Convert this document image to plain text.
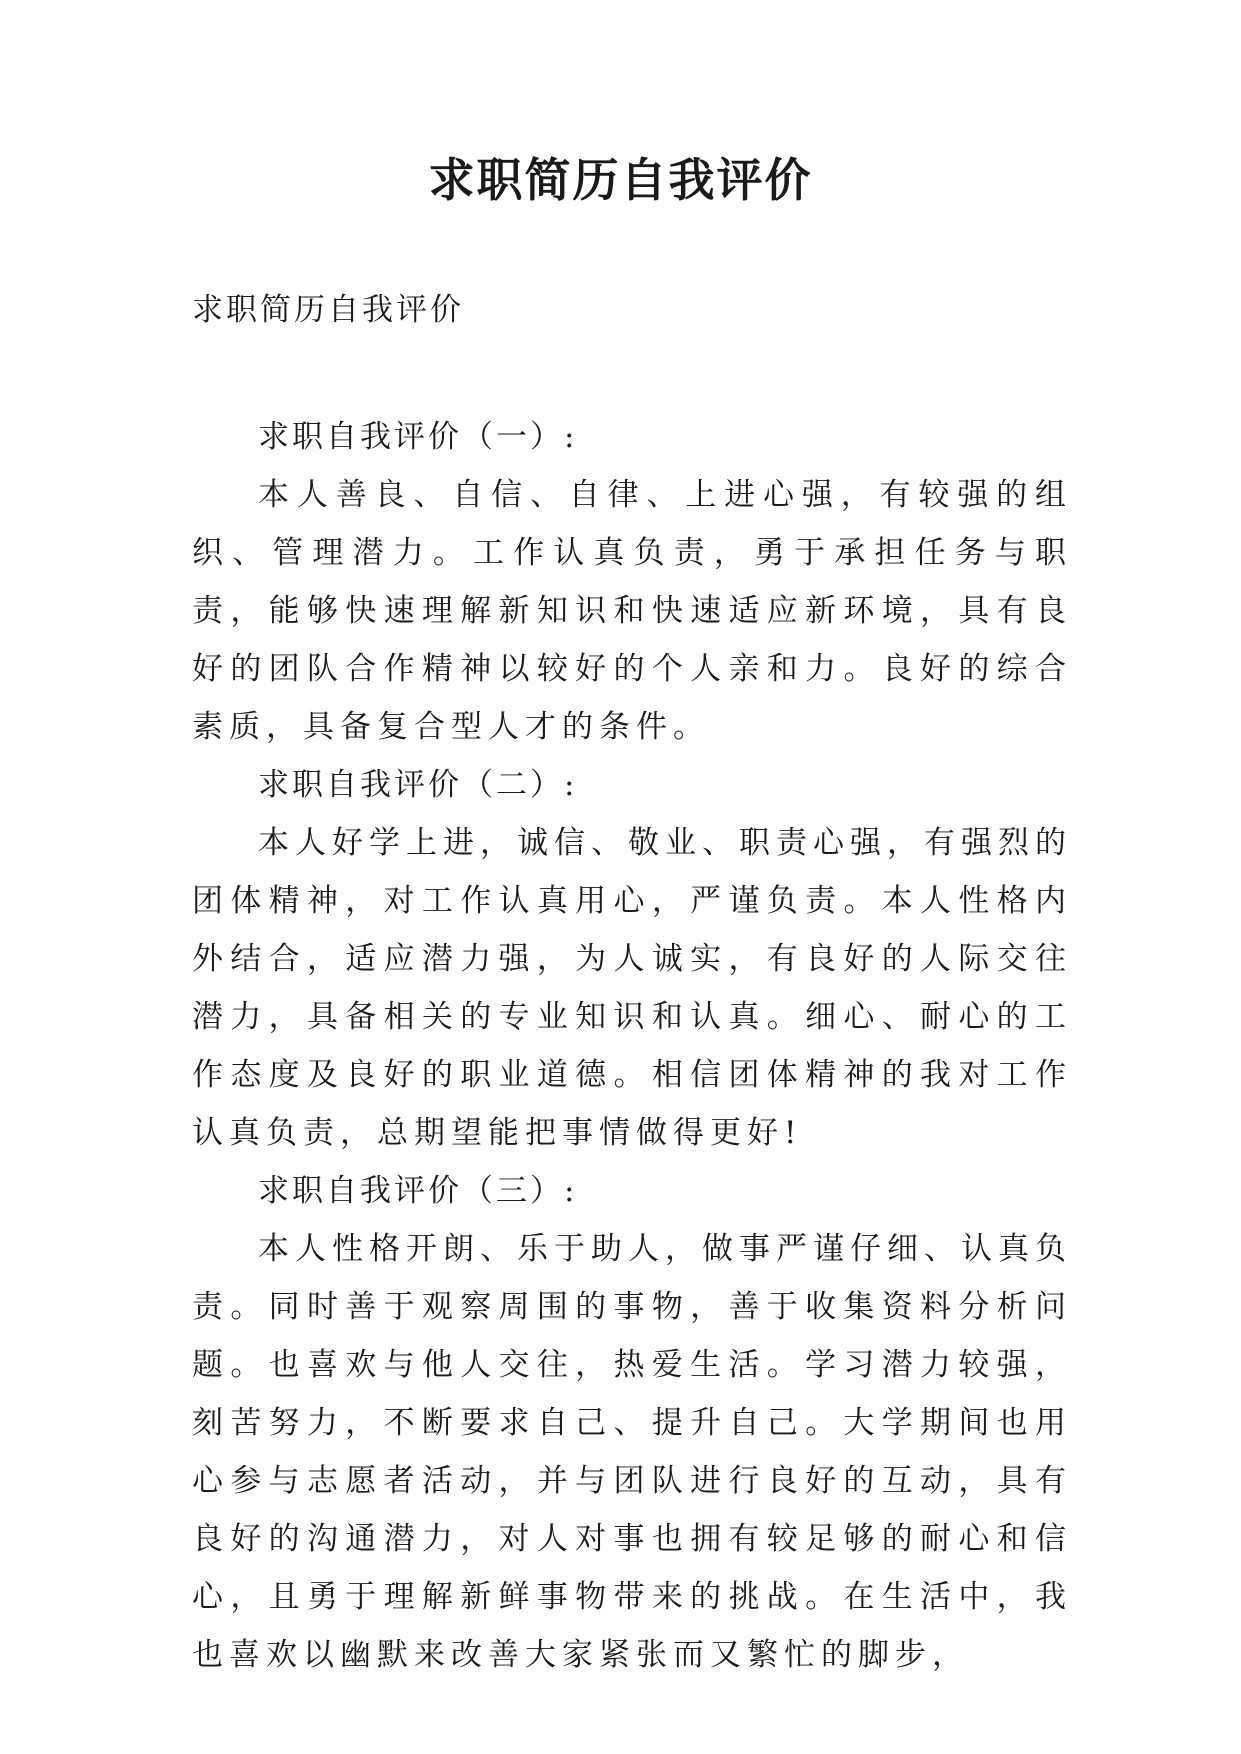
求职简历自我评价

求职简历自我评价

求职自我评价（一）:

本人善良、自信、自律、上进心强，有较强的组织、管理潜力。工作认真负责，勇于承担任务与职责，能够快速理解新知识和快速适应新环境，具有良好的团队合作精神以较好的个人亲和力。良好的综合素质，具备复合型人才的条件。

求职自我评价（二）:

本人好学上进，诚信、敬业、职责心强，有强烈的团体精神，对工作认真用心，严谨负责。本人性格内外结合，适应潜力强，为人诚实，有良好的人际交往潜力，具备相关的专业知识和认真。细心、耐心的工作态度及良好的职业道德。相信团体精神的我对工作认真负责，总期望能把事情做得更好!

求职自我评价（三）:

本人性格开朗、乐于助人，做事严谨仔细、认真负责。同时善于观察周围的事物，善于收集资料分析问题。也喜欢与他人交往，热爱生活。学习潜力较强，刻苦努力，不断要求自己、提升自己。大学期间也用心参与志愿者活动，并与团队进行良好的互动，具有良好的沟通潜力，对人对事也拥有较足够的耐心和信心，且勇于理解新鲜事物带来的挑战。在生活中，我也喜欢以幽默来改善大家紧张而又繁忙的脚步，
